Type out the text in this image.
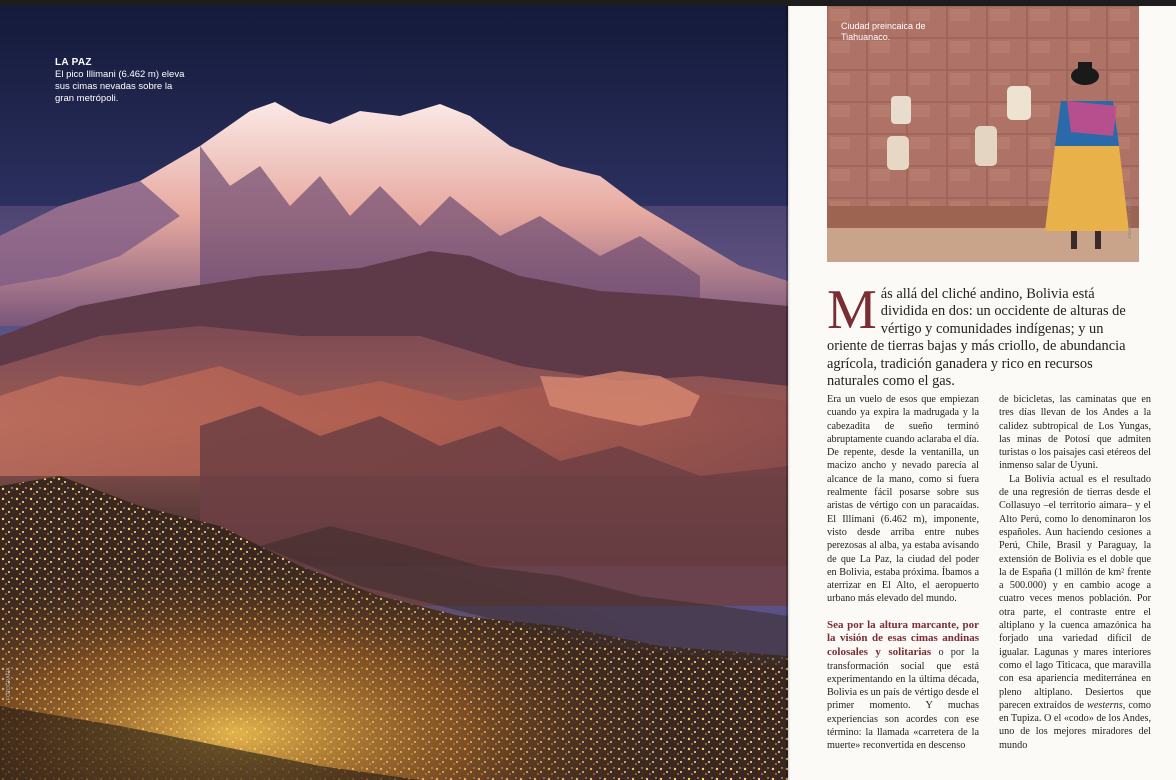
LA PAZ
El pico Illimani (6.462 m) eleva sus cimas nevadas sobre la gran metrópoli.
FOTOGRAFÍA
Ciudad preincaica de Tiahuanaco.
JORGE GUTIÉRREZ
M ás allá del cliché andino, Bolivia está dividida en dos: un occidente de alturas de vértigo y comunidades indígenas; y un oriente de tierras bajas y más criollo, de abundancia agrícola, tradición ganadera y rico en recursos naturales como el gas.

Era un vuelo de esos que empiezan cuando ya expira la madrugada y la cabezadita de sueño terminó abruptamente cuando aclaraba el día. De repente, desde la ventanilla, un macizo ancho y nevado parecía al alcance de la mano, como si fuera realmente fácil posarse sobre sus aristas de vértigo con un paracaídas. El Illimani (6.462 m), imponente, visto desde arriba entre nubes perezosas al alba, ya estaba avisando de que La Paz, la ciudad del poder en Bolivia, estaba próxima. Íbamos a aterrizar en El Alto, el aeropuerto urbano más elevado del mundo.

Sea por la altura marcante, por la visión de esas cimas andinas colosales y solitarias o por la transformación social que está experimentando en la última década, Bolivia es un país de vértigo desde el primer momento. Y muchas experiencias son acordes con ese término: la llamada «carretera de la muerte» reconvertida en descenso

de bicicletas, las caminatas que en tres días llevan de los Andes a la calidez subtropical de Los Yungas, las minas de Potosí que admiten turistas o los paisajes casi etéreos del inmenso salar de Uyuni.

La Bolivia actual es el resultado de una regresión de tierras desde el Collasuyo –el territorio aimara– y el Alto Perú, como lo denominaron los españoles. Aun haciendo cesiones a Perú, Chile, Brasil y Paraguay, la extensión de Bolivia es el doble que la de España (1 millón de km² frente a 500.000) y en cambio acoge a cuatro veces menos población. Por otra parte, el contraste entre el altiplano y la cuenca amazónica ha forjado una variedad difícil de igualar. Lagunas y mares interiores como el lago Titicaca, que maravilla con esa apariencia mediterránea en pleno altiplano. Desiertos que parecen extraídos de westerns, como en Tupiza. O el «codo» de los Andes, uno de los mejores miradores del mundo
